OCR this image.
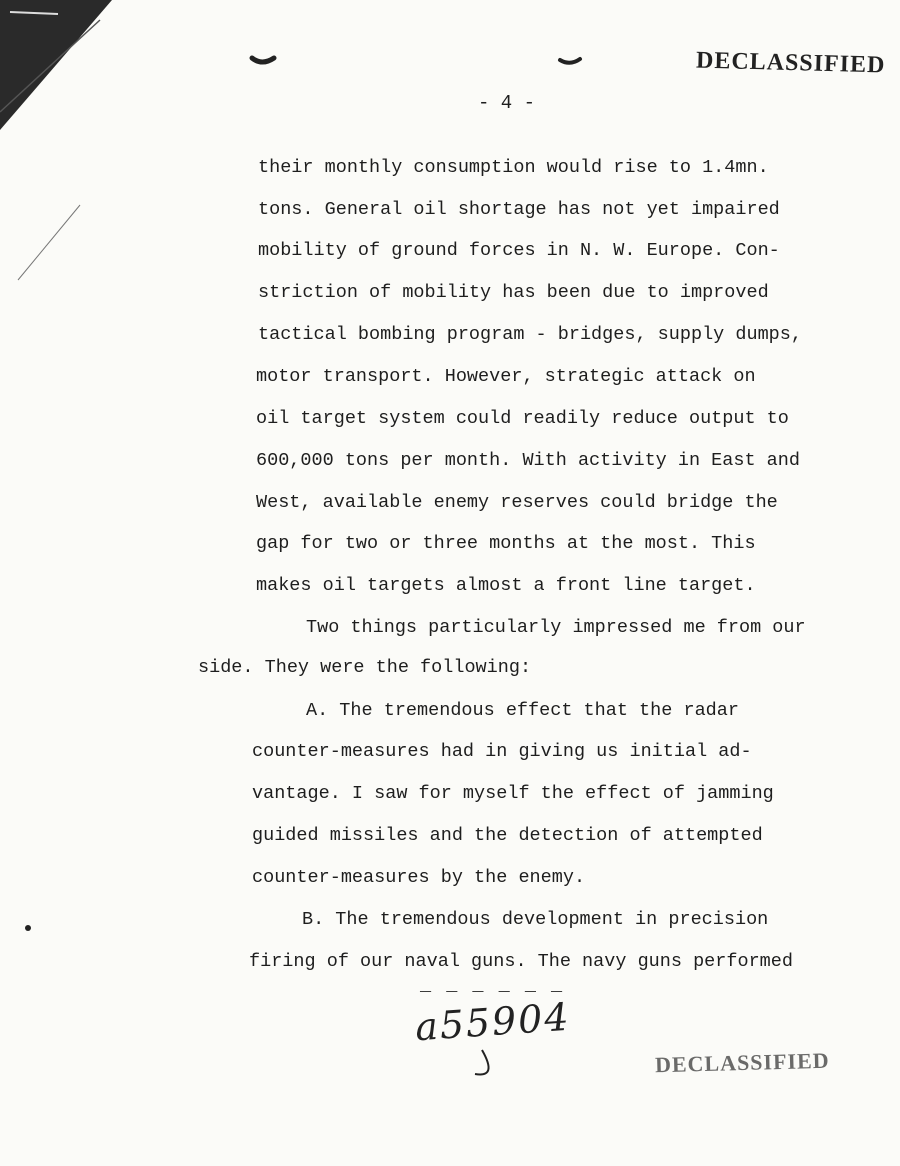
DECLASSIFIED
- 4 -
their monthly consumption would rise to 1.4mn.
tons. General oil shortage has not yet impaired
mobility of ground forces in N. W. Europe. Con-
striction of mobility has been due to improved
tactical bombing program - bridges, supply dumps,
motor transport. However, strategic attack on
oil target system could readily reduce output to
600,000 tons per month. With activity in East and
West, available enemy reserves could bridge the
gap for two or three months at the most. This
makes oil targets almost a front line target.
Two things particularly impressed me from our
side. They were the following:
A. The tremendous effect that the radar
counter-measures had in giving us initial ad-
vantage. I saw for myself the effect of jamming
guided missiles and the detection of attempted
counter-measures by the enemy.
B. The tremendous development in precision
firing of our naval guns. The navy guns performed
_ _ _ _ _ _
a55904
DECLASSIFIED
